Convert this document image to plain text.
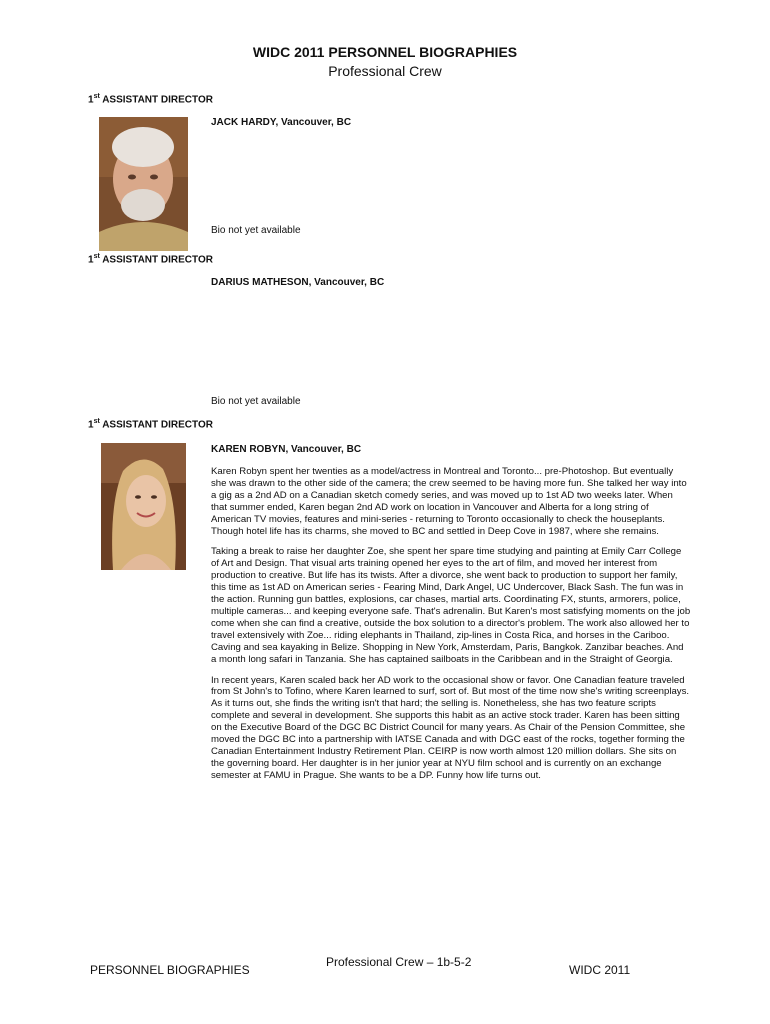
WIDC 2011 PERSONNEL BIOGRAPHIES
Professional Crew
1st ASSISTANT DIRECTOR
JACK HARDY, Vancouver, BC
Bio not yet available
1st ASSISTANT DIRECTOR
DARIUS MATHESON, Vancouver, BC
Bio not yet available
1st ASSISTANT DIRECTOR
KAREN ROBYN, Vancouver, BC

Karen Robyn spent her twenties as a model/actress in Montreal and Toronto... pre-Photoshop. But eventually she was drawn to the other side of the camera; the crew seemed to be having more fun. She talked her way into a gig as a 2nd AD on a Canadian sketch comedy series, and was moved up to 1st AD two weeks later. When that summer ended, Karen began 2nd AD work on location in Vancouver and Alberta for a long string of American TV movies, features and mini-series - returning to Toronto occasionally to check the houseplants. Though hotel life has its charms, she moved to BC and settled in Deep Cove in 1987, where she remains.

Taking a break to raise her daughter Zoe, she spent her spare time studying and painting at Emily Carr College of Art and Design. That visual arts training opened her eyes to the art of film, and moved her interest from production to creative. But life has its twists. After a divorce, she went back to production to support her family, this time as 1st AD on American series - Fearing Mind, Dark Angel, UC Undercover, Black Sash. The fun was in the action. Running gun battles, explosions, car chases, martial arts. Coordinating FX, stunts, armorers, police, multiple cameras... and keeping everyone safe. That's adrenalin. But Karen's most satisfying moments on the job come when she can find a creative, outside the box solution to a director's problem. The work also allowed her to travel extensively with Zoe... riding elephants in Thailand, zip-lines in Costa Rica, and horses in the Cariboo. Caving and sea kayaking in Belize. Shopping in New York, Amsterdam, Paris, Bangkok. Zanzibar beaches. And a month long safari in Tanzania. She has captained sailboats in the Caribbean and in the Straight of Georgia.

In recent years, Karen scaled back her AD work to the occasional show or favor. One Canadian feature traveled from St John's to Tofino, where Karen learned to surf, sort of. But most of the time now she's writing screenplays. As it turns out, she finds the writing isn't that hard; the selling is. Nonetheless, she has two feature scripts complete and several in development. She supports this habit as an active stock trader. Karen has been sitting on the Executive Board of the DGC BC District Council for many years. As Chair of the Pension Committee, she moved the DGC BC into a partnership with IATSE Canada and with DGC east of the rocks, together forming the Canadian Entertainment Industry Retirement Plan. CEIRP is now worth almost 120 million dollars. She sits on the governing board. Her daughter is in her junior year at NYU film school and is currently on an exchange semester at FAMU in Prague. She wants to be a DP. Funny how life turns out.

PERSONNEL BIOGRAPHIES
Professional Crew – 1b-5-2
WIDC 2011
